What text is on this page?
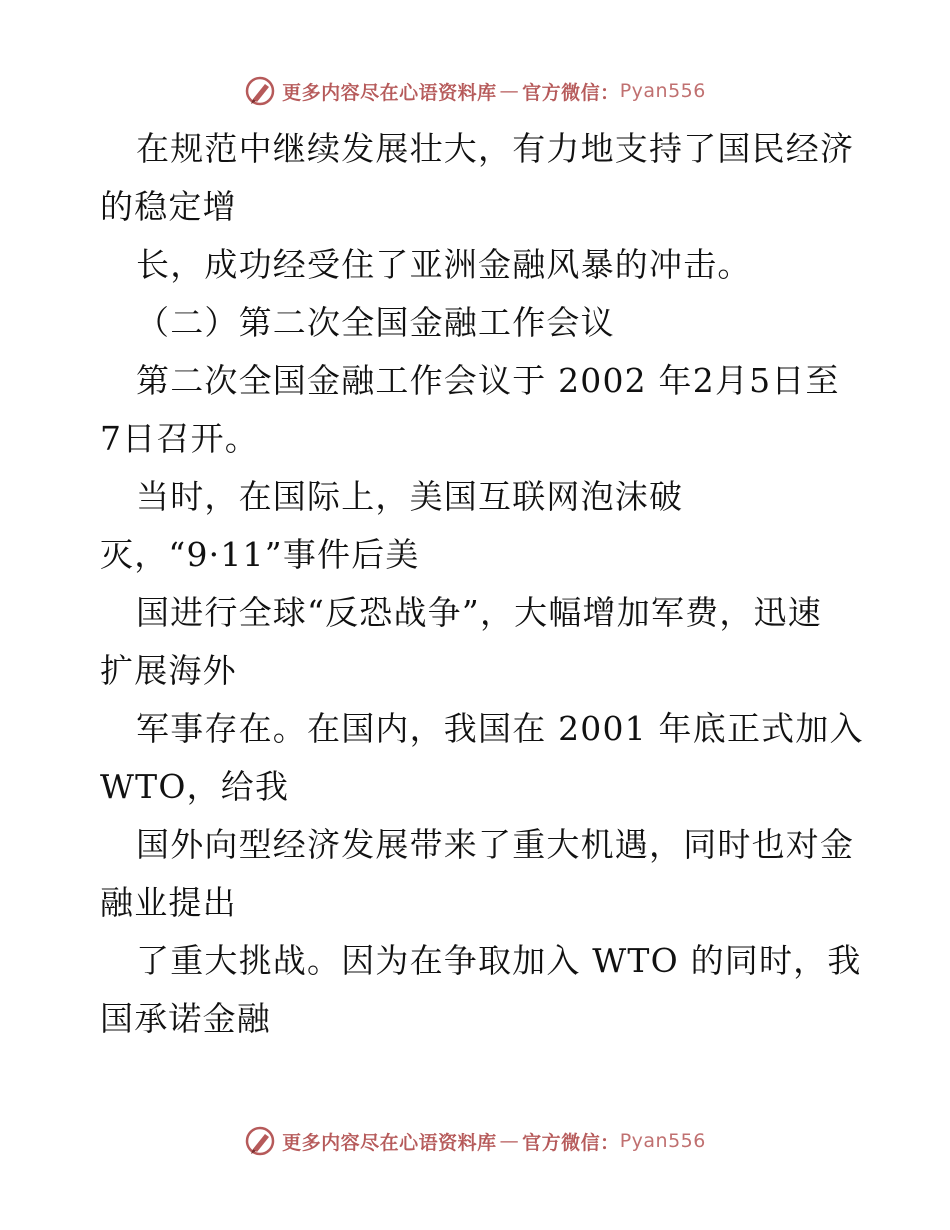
更多内容尽在心语资料库 — 官方微信： Pyan556
在规范中继续发展壮大，有力地支持了国民经济
的稳定增
长，成功经受住了亚洲金融风暴的冲击。
（二）第二次全国金融工作会议
第二次全国金融工作会议于 2002 年2月5日至
7日召开。
当时，在国际上，美国互联网泡沫破
灭，“9·11”事件后美
国进行全球“反恐战争”，大幅增加军费，迅速
扩展海外
军事存在。在国内，我国在 2001 年底正式加入
WTO，给我
国外向型经济发展带来了重大机遇，同时也对金
融业提出
了重大挑战。因为在争取加入 WTO 的同时，我
国承诺金融
更多内容尽在心语资料库 — 官方微信： Pyan556
